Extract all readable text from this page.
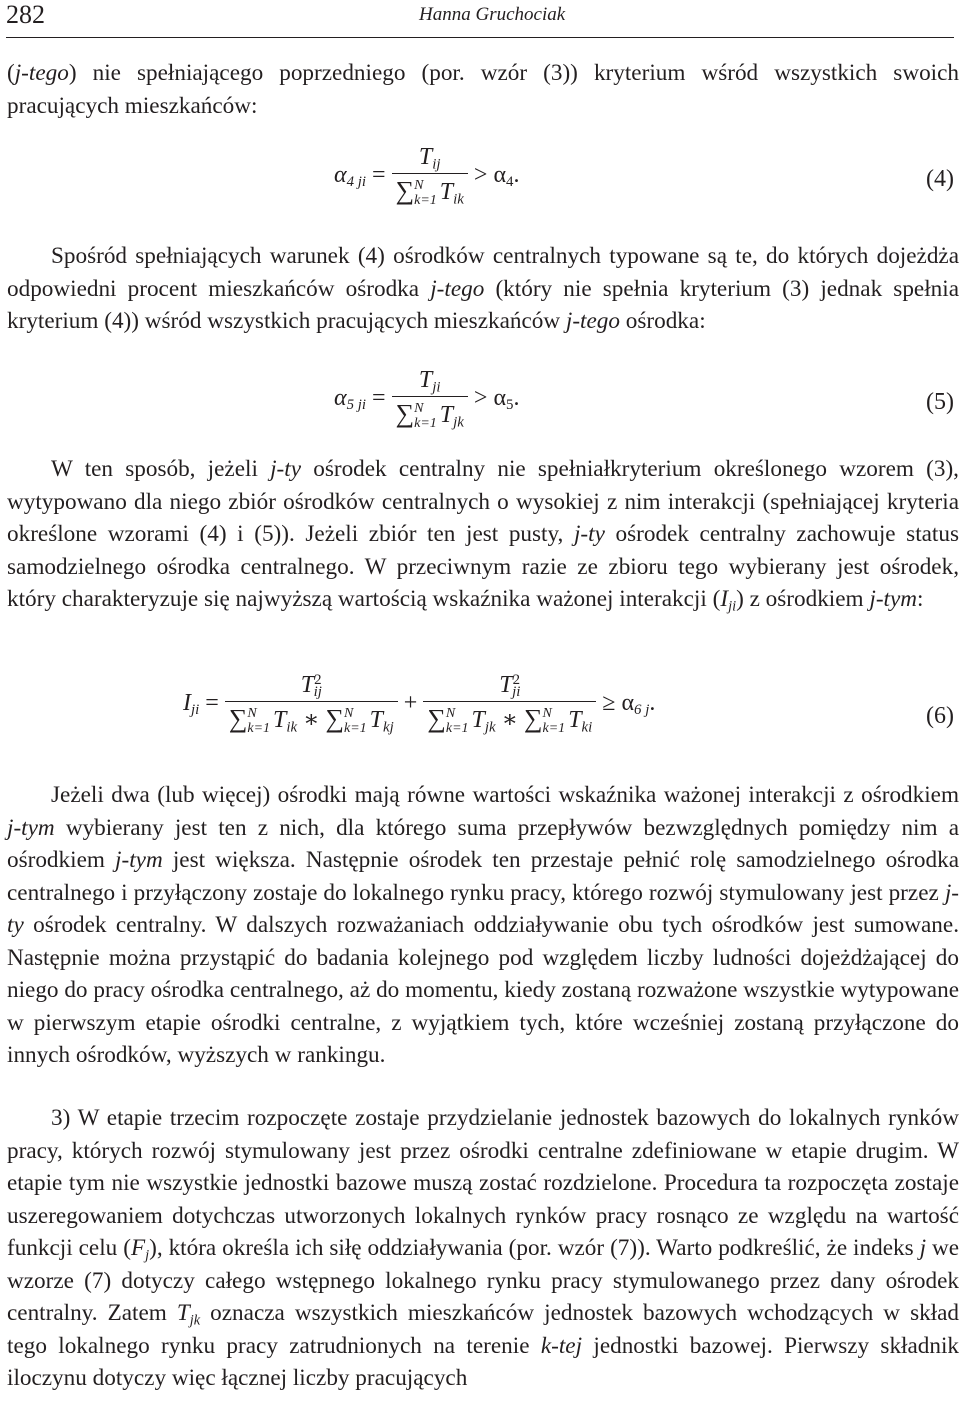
282	Hanna Gruchociak

(j-tego) nie spełniającego poprzedniego (por. wzór (3)) kryterium wśród wszystkich swoich pracujących mieszkańców:

$\alpha_{4 ji} = T_{ij}$
∑ N
k=1 $T_{ik} > \alpha_4$.	(4)

Spośród spełniających warunek (4) ośrodków centralnych typowane są te, do których dojeżdża odpowiedni procent mieszkańców ośrodka j-tego (który nie spełnia kryterium (3) jednak spełnia kryterium (4)) wśród wszystkich pracujących mieszkańców j-tego ośrodka:

$\alpha_{5 ji} = T_{ji}$
∑ N
k=1 $T_{jk} > \alpha_5$.	(5)

W ten sposób, jeżeli j-ty ośrodek centralny nie spełniałkryterium określonego wzorem (3), wytypowano dla niego zbiór ośrodków centralnych o wysokiej z nim interakcji (spełniającej kryteria określone wzorami (4) i (5)). Jeżeli zbiór ten jest pusty, j-ty ośrodek centralny zachowuje status samodzielnego ośrodka centralnego. W przeciwnym razie ze zbioru tego wybierany jest ośrodek, który charakteryzuje się najwyższą wartością wskaźnika ważonej interakcji $(I_{ji})$ z ośrodkiem j-tym:

$I_{ji} = T^2_{ij}$
∑ N
k=1 $T_{ik}$ ∗ ∑ N
k=1 $T_{kj} + T^2_{ji}$
∑ N
k=1 $T_{jk}$ ∗ ∑ N
k=1 $T_{ki} \ge \alpha_{6 j}$.
(6)

Jeżeli dwa (lub więcej) ośrodki mają równe wartości wskaźnika ważonej interakcji z ośrodkiem j-tym wybierany jest ten z nich, dla którego suma przepływów bezwzględnych pomiędzy nim a ośrodkiem j-tym jest większa. Następnie ośrodek ten przestaje pełnić rolę samodzielnego ośrodka centralnego i przyłączony zostaje do lokalnego rynku pracy, którego rozwój stymulowany jest przez j-ty ośrodek centralny. W dalszych rozważaniach oddziaływanie obu tych ośrodków jest sumowane. Następnie można przystąpić do badania kolejnego pod względem liczby ludności dojeżdżającej do niego do pracy ośrodka centralnego, aż do momentu, kiedy zostaną rozważone wszystkie wytypowane w pierwszym etapie ośrodki centralne, z wyjątkiem tych, które wcześniej zostaną przyłączone do innych ośrodków, wyższych w rankingu.

3) W etapie trzecim rozpoczęte zostaje przydzielanie jednostek bazowych do lokalnych rynków pracy, których rozwój stymulowany jest przez ośrodki centralne zdefiniowane w etapie drugim. W etapie tym nie wszystkie jednostki bazowe muszą zostać rozdzielone. Procedura ta rozpoczęta zostaje uszeregowaniem dotychczas utworzonych lokalnych rynków pracy rosnąco ze względu na wartość funkcji celu $(F_j)$, która określa ich siłę oddziaływania (por. wzór (7)). Warto podkreślić, że indeks j we wzorze (7) dotyczy całego wstępnego lokalnego rynku pracy stymulowanego przez dany ośrodek centralny. Zatem $T_{jk}$ oznacza wszystkich mieszkańców jednostek bazowych wchodzących w skład tego lokalnego rynku pracy zatrudnionych na terenie k-tej jednostki bazowej. Pierwszy składnik iloczynu dotyczy więc łącznej liczby pracujących
